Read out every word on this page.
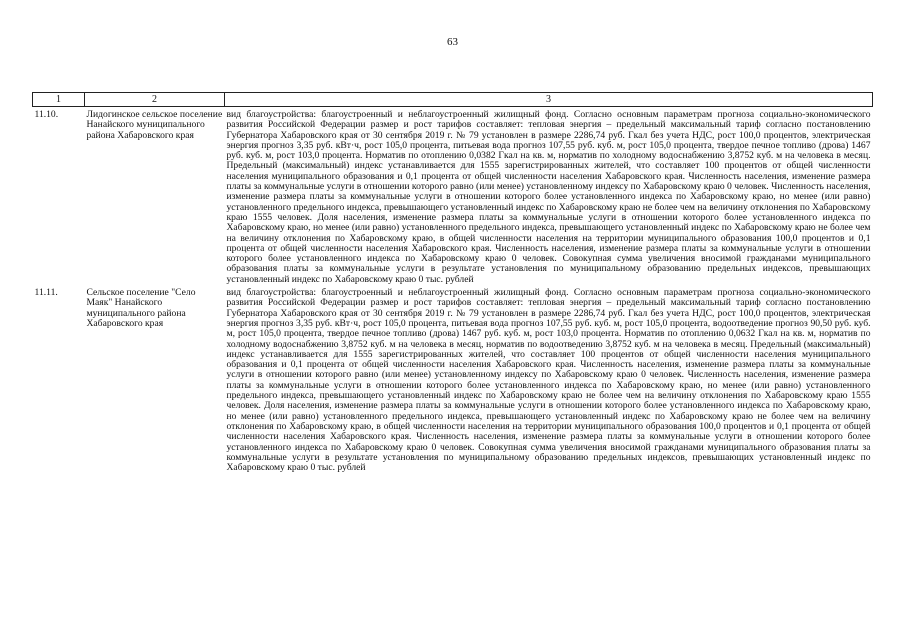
63
1	2	3
11.10.	Лидогинское сельское поселение Нанайского муниципального района Хабаровского края	вид благоустройства: благоустроенный и неблагоустроенный жилищный фонд. Согласно основным параметрам прогноза социально-экономического развития Российской Федерации размер и рост тарифов составляет: тепловая энергия – предельный максимальный тариф согласно постановлению Губернатора Хабаровского края от 30 сентября 2019 г. № 79 установлен в размере 2286,74 руб. Гкал без учета НДС, рост 100,0 процентов, электрическая энергия прогноз 3,35 руб. кВт·ч, рост 105,0 процента, питьевая вода прогноз 107,55 руб. куб. м, рост 105,0 процента, твердое печное топливо (дрова) 1467 руб. куб. м, рост 103,0 процента. Норматив по отоплению 0,0382 Гкал на кв. м, норматив по холодному водоснабжению 3,8752 куб. м на человека в месяц. Предельный (максимальный) индекс устанавливается для 1555 зарегистрированных жителей, что составляет 100 процентов от общей численности населения муниципального образования и 0,1 процента от общей численности населения Хабаровского края. Численность населения, изменение размера платы за коммунальные услуги в отношении которого равно (или менее) установленному индексу по Хабаровскому краю 0 человек. Численность населения, изменение размера платы за коммунальные услуги в отношении которого более установленного индекса по Хабаровскому краю, но менее (или равно) установленного предельного индекса, превышающего установленный индекс по Хабаровскому краю не более чем на величину отклонения по Хабаровскому краю 1555 человек. Доля населения, изменение размера платы за коммунальные услуги в отношении которого более установленного индекса по Хабаровскому краю, но менее (или равно) установленного предельного индекса, превышающего установленный индекс по Хабаровскому краю не более чем на величину отклонения по Хабаровскому краю, в общей численности населения на территории муниципального образования 100,0 процентов и 0,1 процента от общей численности населения Хабаровского края. Численность населения, изменение размера платы за коммунальные услуги в отношении которого более установленного индекса по Хабаровскому краю 0 человек. Совокупная сумма увеличения вносимой гражданами муниципального образования платы за коммунальные услуги в результате установления по муниципальному образованию предельных индексов, превышающих установленный индекс по Хабаровскому краю 0 тыс. рублей
11.11.	Сельское поселение "Село Маяк" Нанайского муниципального района Хабаровского края	вид благоустройства: благоустроенный и неблагоустроенный жилищный фонд. Согласно основным параметрам прогноза социально-экономического развития Российской Федерации размер и рост тарифов составляет: тепловая энергия – предельный максимальный тариф согласно постановлению Губернатора Хабаровского края от 30 сентября 2019 г. № 79 установлен в размере 2286,74 руб. Гкал без учета НДС, рост 100,0 процентов, электрическая энергия прогноз 3,35 руб. кВт·ч, рост 105,0 процента, питьевая вода прогноз 107,55 руб. куб. м, рост 105,0 процента, водоотведение прогноз 90,50 руб. куб. м, рост 105,0 процента, твердое печное топливо (дрова) 1467 руб. куб. м, рост 103,0 процента. Норматив по отоплению 0,0632 Гкал на кв. м, норматив по холодному водоснабжению 3,8752 куб. м на человека в месяц, норматив по водоотведению 3,8752 куб. м на человека в месяц. Предельный (максимальный) индекс устанавливается для 1555 зарегистрированных жителей, что составляет 100 процентов от общей численности населения муниципального образования и 0,1 процента от общей численности населения Хабаровского края. Численность населения, изменение размера платы за коммунальные услуги в отношении которого равно (или менее) установленному индексу по Хабаровскому краю 0 человек. Численность населения, изменение размера платы за коммунальные услуги в отношении которого более установленного индекса по Хабаровскому краю, но менее (или равно) установленного предельного индекса, превышающего установленный индекс по Хабаровскому краю не более чем на величину отклонения по Хабаровскому краю 1555 человек. Доля населения, изменение размера платы за коммунальные услуги в отношении которого более установленного индекса по Хабаровскому краю, но менее (или равно) установленного предельного индекса, превышающего установленный индекс по Хабаровскому краю не более чем на величину отклонения по Хабаровскому краю, в общей численности населения на территории муниципального образования 100,0 процентов и 0,1 процента от общей численности населения Хабаровского края. Численность населения, изменение размера платы за коммунальные услуги в отношении которого более установленного индекса по Хабаровскому краю 0 человек. Совокупная сумма увеличения вносимой гражданами муниципального образования платы за коммунальные услуги в результате установления по муниципальному образованию предельных индексов, превышающих установленный индекс по Хабаровскому краю 0 тыс. рублей
